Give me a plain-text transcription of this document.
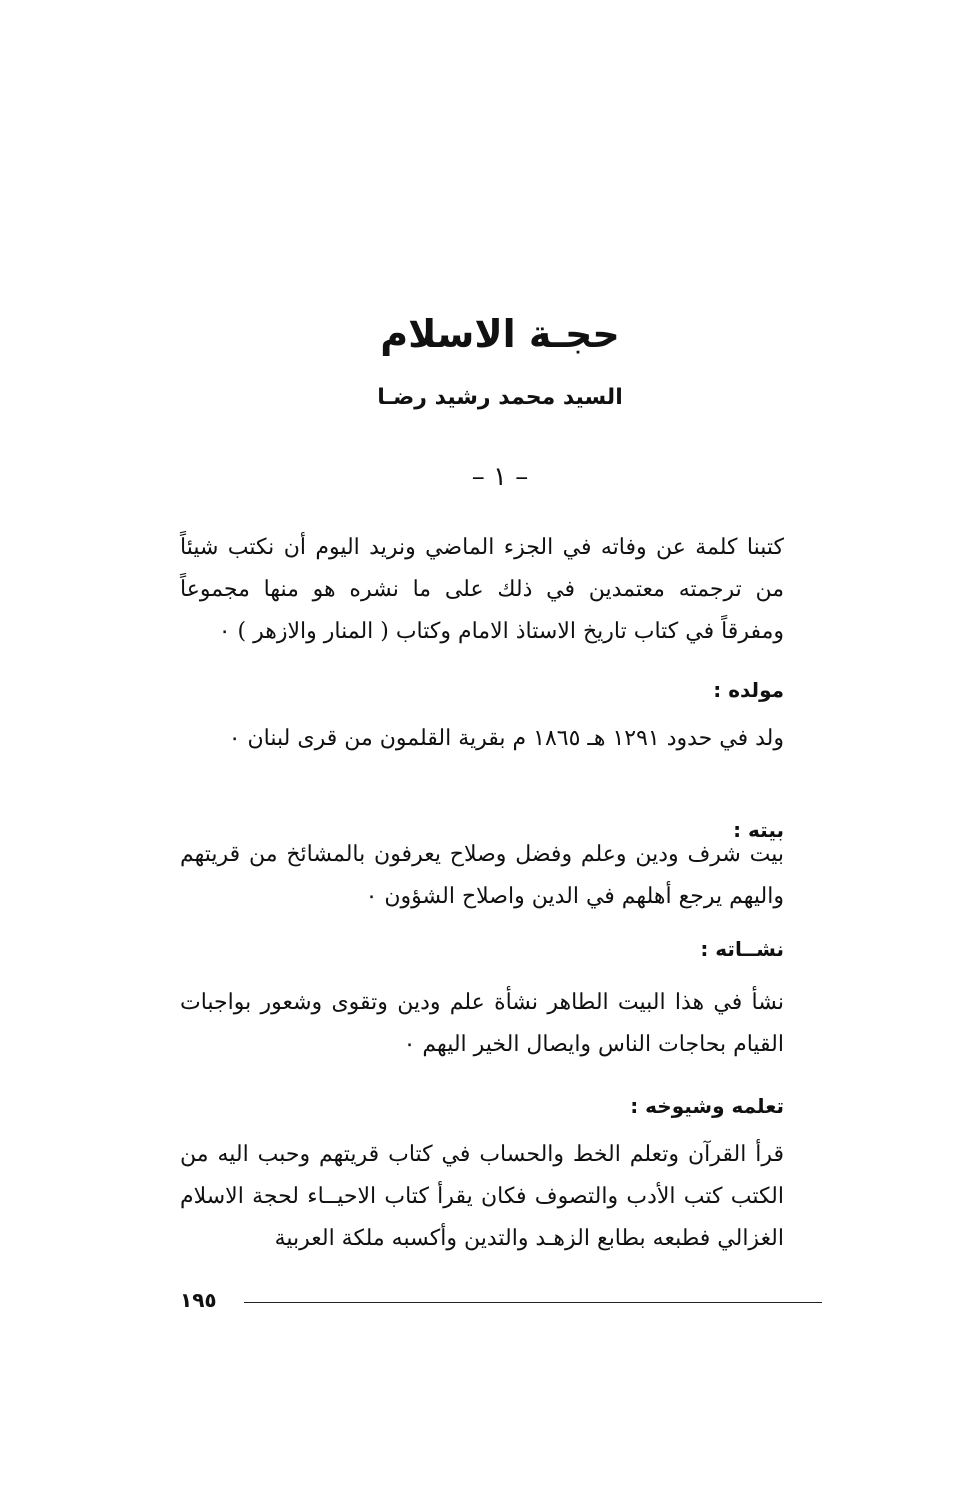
حجـة الاسلام
السيد محمد رشيد رضـا
– ١ –
كتبنا كلمة عن وفاته في الجزء الماضي ونريد اليوم أن نكتب شيئاً من ترجمته معتمدين في ذلك على ما نشره هو منها مجموعاً ومفرقاً في كتاب تاريخ الاستاذ الامام وكتاب ( المنار والازهر ) ٠
مولده :
ولد في حدود ١٢٩١ هـ ١٨٦٥ م بقرية القلمون من قرى لبنان ٠
بيته :
بيت شرف ودين وعلم وفضل وصلاح يعرفون بالمشائخ من قريتهم واليهم يرجع أهلهم في الدين واصلاح الشؤون ٠
نشــاته :
نشأ في هذا البيت الطاهر نشأة علم ودين وتقوى وشعور بواجبات القيام بحاجات الناس وايصال الخير اليهم ٠
تعلمه وشيوخه :
قرأ القرآن وتعلم الخط والحساب في كتاب قريتهم وحبب اليه من الكتب كتب الأدب والتصوف فكان يقرأ كتاب الاحيــاء لحجة الاسلام الغزالي فطبعه بطابع الزهـد والتدين وأكسبه ملكة العربية
١٩٥
